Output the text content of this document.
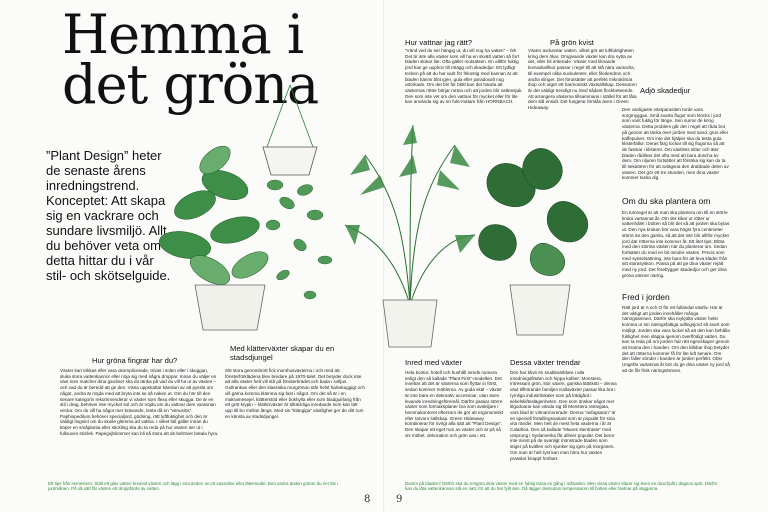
Hemma i
det gröna
”Plant Design” heter de senaste årens inredningstrend. Konceptet: Att skapa sig en vackrare och sundare livsmiljö. Allt du behöver veta om detta hittar du i vår stil- och skötselguide.
Hur vattnar jag rätt?
”Vänd ved du ser hängig ut, du vill nog ha vatten” – fel! Det är inte alla växter som vill ha en skvätt vatten så fort bladen slokar lite. Ofta gäller motsatsen. En alltför fuktig jord kan ge upphov till rötägg och skadedjur. Ett tydligt tecken på att du har varit för frikostig med kannan är att bladen känns blöt igen, gula eller paradoxalt nog uttorkade. Om det blir för blött kan det hända att växternas rötter börjar ruttna och att jorden blir vattensjuk. Den som inte vet om den vattnar för mycket eller för lite kan använda sig av en fukt-mätare från HORNBACH.
På grön kvist
Växter avdunstar vatten, vilket gör att luftfuktigheten kring dem ökar. Omgivande växter kan dra nytta av det, eller bli irriterade. Växter med liknande levnadsvillkor passar i regel till att stå nära varandra, till exempel olika suckulenter, eller filodendron och andra slinger. Det förutsätter att perfekt mikroklimat ihop och utgör ett harmoniskt växtsällskap. Dessutom är det väldigt trendigt nu med sådant flockbeteende. Att arrangera växterna tillsammans i stället för att låta dem stå ensidt. Det fungerar förstås även i Green Hideaway.
Adjö skadedjur
Den vanligaste växtparasiten torde vara sorgmyggan. Små svarta flugor som klöcks i jord som varit fuktig för länge. Sen surrar de kring växterna. Detta problem går det i regel att råda bot på genom att täcka över jorden med sand, grus eller kaffepulver. Om inte det hjälper ska du testa gula klisterfällor. Deras färg lockar till sig flugorna så att de fastnar i klisteret. Om växtlöss sitter och äter bladen rådriker det ofta med att bara duscha av dem. Om oljuren fortsätter att försöka sig kan du ta till sekatören för att avlägsna den drabbade delen av växten. Det gör ett tre stunden, men dina växter kommer tacka dig.
Om du ska plantera om
En tumregel är att man ska plantera om till en större kruka vartannat år. Om det kikar ut rötter ur vattenhålet i botten så blir det så att jorden ska bytas ut. Den nya krukan bör vara högst fyra centimeter större än den gamla, så att det inte blir alltför mycket jord där rötterna inte kommer åt. Ett litet tips: Blöta med den största växten när du planterar om. Sedan fortsätter du med en bit mindre växten. Precis som med sysselsättning, inte bara för att leva kläder från sitt storasyskon. Passa på att ge dina växter rejält med ny jord. Det förebygger skadedjur och ger dina gröna vänner näring.
Fred i jorden
Rätt jord är A och O för ett fulländat växtliv. Här är det viktigt att jorden innehåller många näringsämnen. Därför ska mykjölta växter helst komma ur sin näringsfattiga odlingsjord så snart som möjligt. Jorden ska vara luckel så att den kan behålla fuktighet men släppa igenom överflödigt vatten. Du kan ta reda på om jorden har rätt egenskaper genom att krama den i handen. Om den klibbar ihop betyder det att rötterna kommer få för lite luft senare. Om den faller sönder i handen är jorden perfekt. Obs! Ungefär vartannat år bör du ge dina växter ny jord så att de får frisk näringsämnen.
Hur gröna fingrar har du?
Växter kan trikkas eller vara okomplicerade, trivas i solen eller i skuggan, sluka stora vattenkannor eller nöja sig med några droppar. Innan du väljer en växt som matcher dina gardiner ska du tänka på vad du vill ha ut av växten – och vad du är beredd att ge den. Vissa uppskattar känslan av att pyssla om något, andra är nöjda med att bryta inte se så naken ut. Om du hör till den senare kategorin rekommenderar vi växter som flexa eller skugga. De är en stil i drag, behöver inte mycket sol och är nöjda om du vattnar dem varannan vecka. Om du vill ha något mer krävande, testa då en ”venusiös”. Paphiopedilum behöver specialjord, gödning, rätt luftfuktighet och den är väldigt lingsint om du skulle glömma att vattna. I vilket fall gäller innan du köper en småplanta eller stickling ska du ta reda på hur växten ser ut i fullvuxen storlek. Papegojblommer kan bli så stora att de behöver betala hyra.
Med klätterväxter skapar du en stadsdjungel
Sitt stora genombrott fick inomhusväxterna i och med att fönsterförklädena blev bredare på 1970-talet. Det betyder dock inte att alla växter helt vill stå på fönsterbrädet och bada i solljus. Gullrankan eller den klassiska murgrönan står helst halvskuggigt och vill gärna komma klämma sig fast i något. Om det så är i en makramesejel, klätterstöd eller bokhylla eller som bladguirlang från ett gröt krypin – klätterväxter är tillräckliga inredande som kan lätt upp till bo mellan längs. Med sin ”klängiga” växtlighet ger de ditt rum en känsla av stadsdjungel.
Inred med växter
Hela kontor, hotell och hushåll inreds numera enligt den så kallade ”Plant First”-modellen. Det innebär att det är växterna som flyttar in först, sedan kommer möblerna. Av goda skäl – växter är inte bara en dekorativ accessoar, utan även levande inredningsföremål. Därför passar större växter som formaksplaner bra som avskiljare i hemmakontoret eftersom de gör att ergonomiskt eller tarvoro sällskap. Green Hideaway kombinerar för övrigt alla sätt att ”Plant Design”. Den skapar ett eget rum av växter och är på så vis möbel, dekoration och grön oas i ett.
Dessa växter trendar
Den har blivit en snabbvärldare i alla inredningsflöden och hippa kaféer: Monstera. Intressant grön, stor växen, ganska lättskött – denna växt tillhörande familjen Kallaväxter passar lika bra i rymliga industrilokaler som på trädgård i sekelskifteslägenheten. Den som önskar något mer tilgodoarar kan vända sig till Monstera Variegata, vars blad är vitmarmorerade. Denna ”avfagsaton” är en speciell förädlingsvariant som är populär för sina vita ränder. Men helt de mest heta växterna i år är Calathea. Den så kallade ”Maoes stentraste” med ursprung i Sydamerika får allmer populär. Det beror inte minst på de ovanligt mönstrade bladen som stiger på kvällen och sjunker sig igen på morgonen. Om man är helt tyst kan man höra hur växten prasslar knappt hörbart.
Ett tips från semestern: Ställ ett glas vatten bredvid växten och lägg i ena änden av ett vasseline eller läkemedel. Den andra änden gömer du ner lite i jordmånen. På så sätt får växten ett droppförde av vatten.
Damm på bladen? Därför ska du rengöra dina växter med en fuktig trasa en gång i månaden. Men vissa växter klarar sig även en duschpåt i dagens sprit. Därför kan du låta vattenkannan stå en natt, för att du har fyllt den. Då lägger dessutom temperaturen till botten eller fastnar på väggarna.
8	9
